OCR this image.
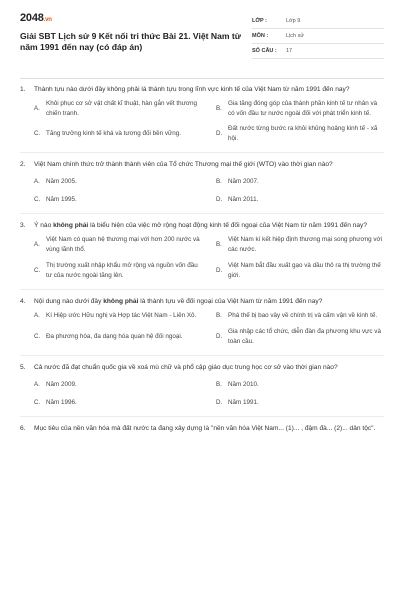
2048.vn
Giải SBT Lịch sử 9 Kết nối tri thức Bài 21. Việt Nam từ năm 1991 đến nay (có đáp án)
LỚP :	Lớp 9
MÔN :	Lịch sử
SỐ CÂU :	17
1.	Thành tựu nào dưới đây không phải là thành tựu trong lĩnh vực kinh tế của Việt Nam từ năm 1991 đến nay?
A.
Khôi phục cơ sở vật chất kĩ thuật, hàn gắn vết thương chiến tranh.
B.
Gia tăng đóng góp của thành phần kinh tế tư nhân và có vốn đầu tư nước ngoài đối với phát triển kinh tế.
C. Tăng trưởng kinh tế khá và tương đối bền vững.	D.
Đất nước từng bước ra khỏi khủng hoảng kinh tế - xã hội.
2.	Việt Nam chính thức trở thành thành viên của Tổ chức Thương mại thế giới (WTO) vào thời gian nào?
A. Năm 2005.	B. Năm 2007.
C. Năm 1995.	D. Năm 2011.
3.	Ý nào không phải là biểu hiện của việc mở rộng hoạt động kinh tế đối ngoại của Việt Nam từ năm 1991 đến nay?
A.
Việt Nam có quan hệ thương mại với hơn 200 nước và vùng lãnh thổ.
B.
Việt Nam kí kết hiệp định thương mại song phương với các nước.
C.
Thị trường xuất nhập khẩu mở rộng và nguồn vốn đầu tư của nước ngoài tăng lên.
D.
Việt Nam bắt đầu xuất gạo và dầu thô ra thị trường thế giới.
4.	Nội dung nào dưới đây không phải là thành tựu về đối ngoại của Việt Nam từ năm 1991 đến nay?
A. Kí Hiệp ước Hữu nghị và Hợp tác Việt Nam - Liên Xô.	B. Phá thế bị bao vây về chính trị và cấm vận về kinh tế.
C. Đa phương hóa, đa dạng hóa quan hệ đối ngoại.	D.
Gia nhập các tổ chức, diễn đàn đa phương khu vực và toàn cầu.
5.	Cả nước đã đạt chuẩn quốc gia về xoá mù chữ và phổ cập giáo dục trung học cơ sở vào thời gian nào?
A. Năm 2009.	B. Năm 2010.
C. Năm 1996.	D. Năm 1991.
6.	Mục tiêu của nền văn hóa mà đất nước ta đang xây dựng là "nền văn hóa Việt Nam... (1)... , đậm đà... (2)... dân tộc".
